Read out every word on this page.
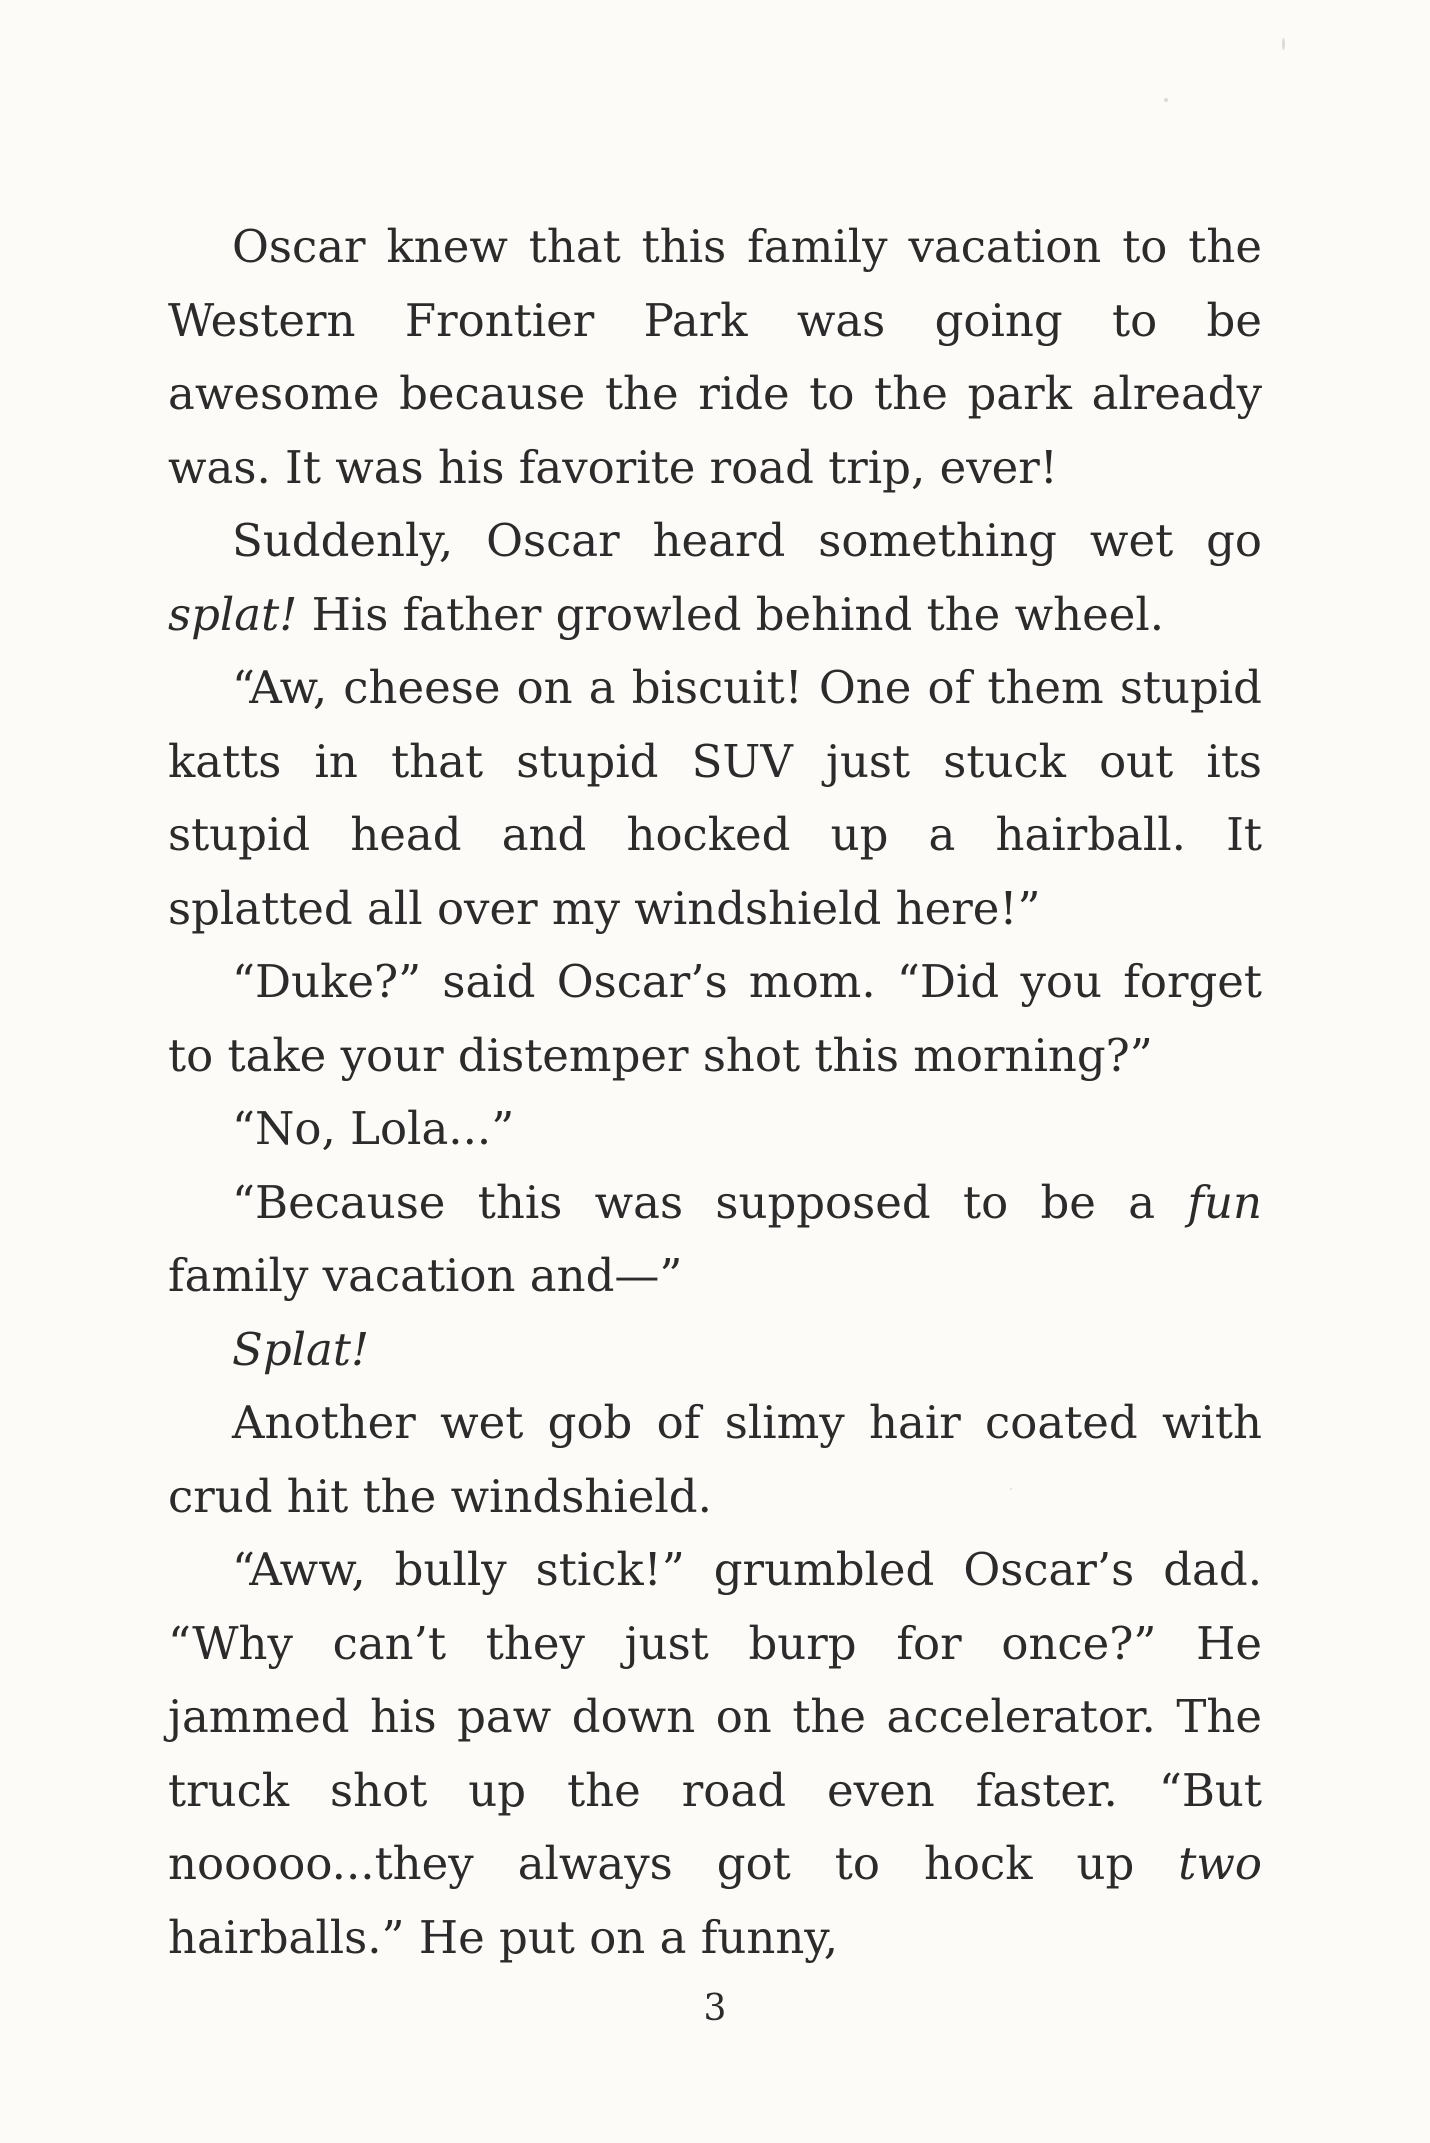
Oscar knew that this family vacation to the Western Frontier Park was going to be awesome because the ride to the park already was. It was his favorite road trip, ever!

Suddenly, Oscar heard something wet go splat! His father growled behind the wheel.

“Aw, cheese on a biscuit! One of them stupid katts in that stupid SUV just stuck out its stupid head and hocked up a hairball. It splatted all over my windshield here!”

“Duke?” said Oscar’s mom. “Did you forget to take your distemper shot this morning?”

“No, Lola...”

“Because this was supposed to be a fun family vacation and—”

Splat!

Another wet gob of slimy hair coated with crud hit the windshield.

“Aww, bully stick!” grumbled Oscar’s dad. “Why can’t they just burp for once?” He jammed his paw down on the accelerator. The truck shot up the road even faster. “But nooooo...they always got to hock up two hairballs.” He put on a funny,

3
